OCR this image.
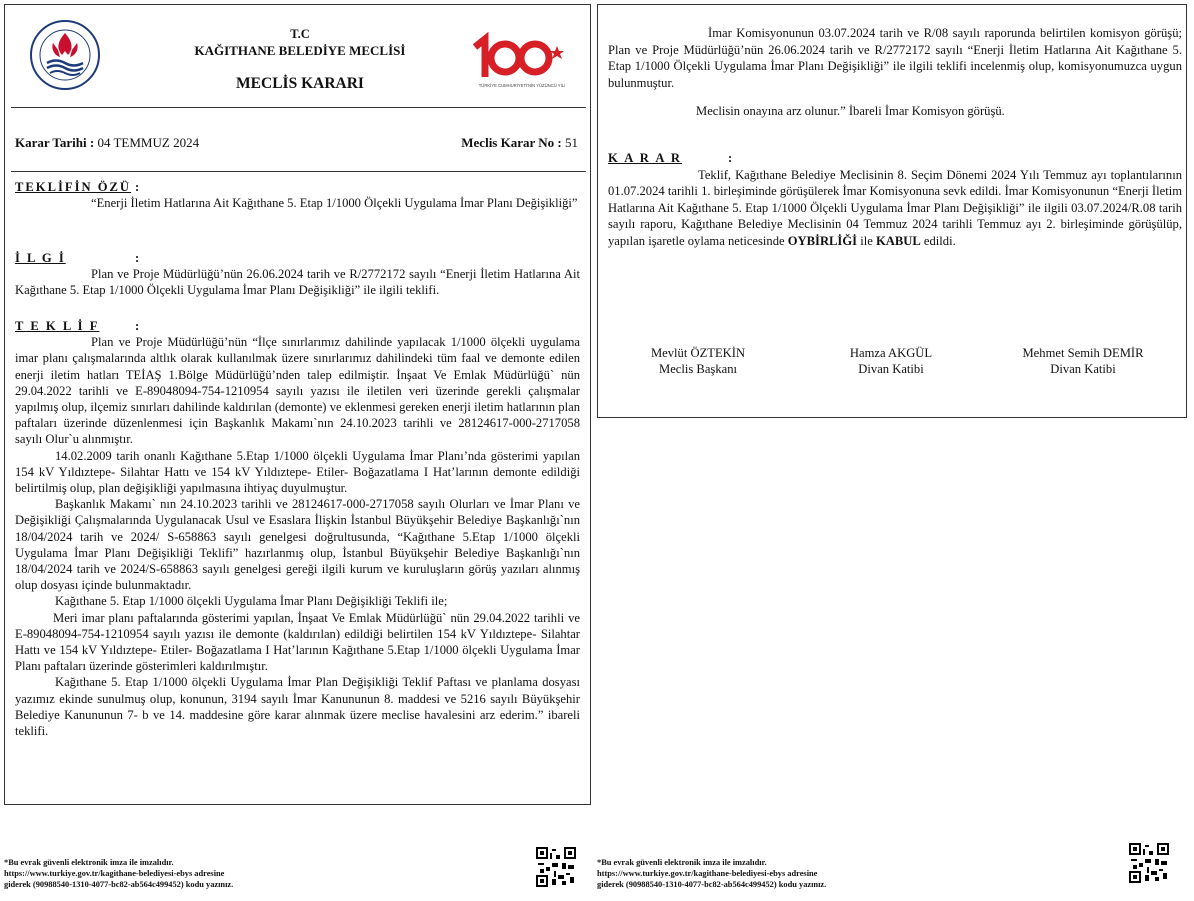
T.C
KAĞITHANE BELEDİYE MECLİSİ
MECLİS KARARI	TÜRKİYE CUMHURİYETİ'NİN YÜZÜNCÜ YILI
Karar Tarihi : 04 TEMMUZ 2024	Meclis Karar No : 51

TEKLİFİN ÖZÜ :

“Enerji İletim Hatlarına Ait Kağıthane 5. Etap 1/1000 Ölçekli Uygulama İmar Planı Değişikliği”

İ L G İ	:

Plan ve Proje Müdürlüğü’nün 26.06.2024 tarih ve R/2772172 sayılı “Enerji İletim Hatlarına Ait Kağıthane 5. Etap 1/1000 Ölçekli Uygulama İmar Planı Değişikliği” ile ilgili teklifi.

T E K L İ F	:

Plan ve Proje Müdürlüğü’nün “İlçe sınırlarımız dahilinde yapılacak 1/1000 ölçekli uygulama imar planı çalışmalarında altlık olarak kullanılmak üzere sınırlarımız dahilindeki tüm faal ve demonte edilen enerji iletim hatları TEİAŞ 1.Bölge Müdürlüğü’nden talep edilmiştir. İnşaat Ve Emlak Müdürlüğü` nün 29.04.2022 tarihli ve E-89048094-754-1210954 sayılı yazısı ile iletilen veri üzerinde gerekli çalışmalar yapılmış olup, ilçemiz sınırları dahilinde kaldırılan (demonte) ve eklenmesi gereken enerji iletim hatlarının plan paftaları üzerinde düzenlenmesi için Başkanlık Makamı`nın 24.10.2023 tarihli ve 28124617-000-2717058 sayılı Olur`u alınmıştır.

14.02.2009 tarih onanlı Kağıthane 5.Etap 1/1000 ölçekli Uygulama İmar Planı’nda gösterimi yapılan 154 kV Yıldıztepe- Silahtar Hattı ve 154 kV Yıldıztepe- Etiler- Boğazatlama I Hat’larının demonte edildiği belirtilmiş olup, plan değişikliği yapılmasına ihtiyaç duyulmuştur.

Başkanlık Makamı` nın 24.10.2023 tarihli ve 28124617-000-2717058 sayılı Olurları ve İmar Planı ve Değişikliği Çalışmalarında Uygulanacak Usul ve Esaslara İlişkin İstanbul Büyükşehir Belediye Başkanlığı`nın 18/04/2024 tarih ve 2024/ S-658863 sayılı genelgesi doğrultusunda, “Kağıthane 5.Etap 1/1000 ölçekli Uygulama İmar Planı Değişikliği Teklifi” hazırlanmış olup, İstanbul Büyükşehir Belediye Başkanlığı`nın 18/04/2024 tarih ve 2024/S-658863 sayılı genelgesi gereği ilgili kurum ve kuruluşların görüş yazıları alınmış olup dosyası içinde bulunmaktadır.

Kağıthane 5. Etap 1/1000 ölçekli Uygulama İmar Planı Değişikliği Teklifi ile;

Meri imar planı paftalarında gösterimi yapılan, İnşaat Ve Emlak Müdürlüğü` nün 29.04.2022 tarihli ve E-89048094-754-1210954 sayılı yazısı ile demonte (kaldırılan) edildiği belirtilen 154 kV Yıldıztepe- Silahtar Hattı ve 154 kV Yıldıztepe- Etiler- Boğazatlama I Hat’larının Kağıthane 5.Etap 1/1000 ölçekli Uygulama İmar Planı paftaları üzerinde gösterimleri kaldırılmıştır.

Kağıthane 5. Etap 1/1000 ölçekli Uygulama İmar Plan Değişikliği Teklif Paftası ve planlama dosyası yazımız ekinde sunulmuş olup, konunun, 3194 sayılı İmar Kanununun 8. maddesi ve 5216 sayılı Büyükşehir Belediye Kanununun 7- b ve 14. maddesine göre karar alınmak üzere meclise havalesini arz ederim.” ibareli teklifi.

İmar Komisyonunun 03.07.2024 tarih ve R/08 sayılı raporunda belirtilen komisyon görüşü; Plan ve Proje Müdürlüğü’nün 26.06.2024 tarih ve R/2772172 sayılı “Enerji İletim Hatlarına Ait Kağıthane 5. Etap 1/1000 Ölçekli Uygulama İmar Planı Değişikliği” ile ilgili teklifi incelenmiş olup, komisyonumuzca uygun bulunmuştur.

Meclisin onayına arz olunur.” İbareli İmar Komisyon görüşü.

K A R A R	:

Teklif, Kağıthane Belediye Meclisinin 8. Seçim Dönemi 2024 Yılı Temmuz ayı toplantılarının 01.07.2024 tarihli 1. birleşiminde görüşülerek İmar Komisyonuna sevk edildi. İmar Komisyonunun “Enerji İletim Hatlarına Ait Kağıthane 5. Etap 1/1000 Ölçekli Uygulama İmar Planı Değişikliği” ile ilgili 03.07.2024/R.08 tarih sayılı raporu, Kağıthane Belediye Meclisinin 04 Temmuz 2024 tarihli Temmuz ayı 2. birleşiminde görüşülüp, yapılan işaretle oylama neticesinde OYBİRLİĞİ ile KABUL edildi.

Mevlüt ÖZTEKİN
Meclis Başkanı
Hamza AKGÜL
Divan Katibi
Mehmet Semih DEMİR
Divan Katibi
*Bu evrak güvenli elektronik imza ile imzalıdır.
https://www.turkiye.gov.tr/kagithane-belediyesi-ebys adresine
giderek (90988540-1310-4077-bc82-ab564c499452) kodu yazınız.
*Bu evrak güvenli elektronik imza ile imzalıdır.
https://www.turkiye.gov.tr/kagithane-belediyesi-ebys adresine
giderek (90988540-1310-4077-bc82-ab564c499452) kodu yazınız.
